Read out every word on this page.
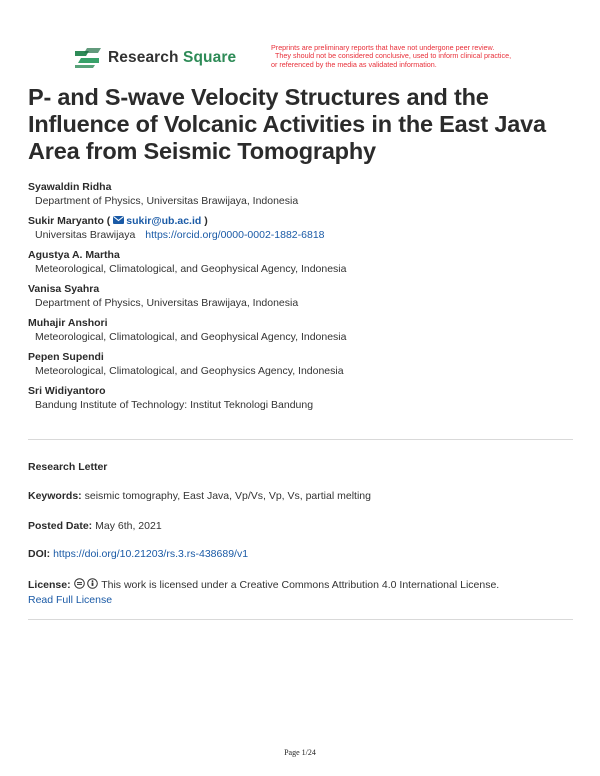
Research Square
Preprints are preliminary reports that have not undergone peer review.
They should not be considered conclusive, used to inform clinical practice,
or referenced by the media as validated information.
P- and S-wave Velocity Structures and the Influence of Volcanic Activities in the East Java Area from Seismic Tomography
Syawaldin Ridha
Department of Physics, Universitas Brawijaya, Indonesia
Sukir Maryanto ( sukir@ub.ac.id )
Universitas Brawijaya https://orcid.org/0000-0002-1882-6818
Agustya A. Martha
Meteorological, Climatological, and Geophysical Agency, Indonesia
Vanisa Syahra
Department of Physics, Universitas Brawijaya, Indonesia
Muhajir Anshori
Meteorological, Climatological, and Geophysical Agency, Indonesia
Pepen Supendi
Meteorological, Climatological, and Geophysics Agency, Indonesia
Sri Widiyantoro
Bandung Institute of Technology: Institut Teknologi Bandung
Research Letter
Keywords: seismic tomography, East Java, Vp/Vs, Vp, Vs, partial melting
Posted Date: May 6th, 2021
DOI: https://doi.org/10.21203/rs.3.rs-438689/v1
License:	This work is licensed under a Creative Commons Attribution 4.0 International License.
Read Full License
Page 1/24
